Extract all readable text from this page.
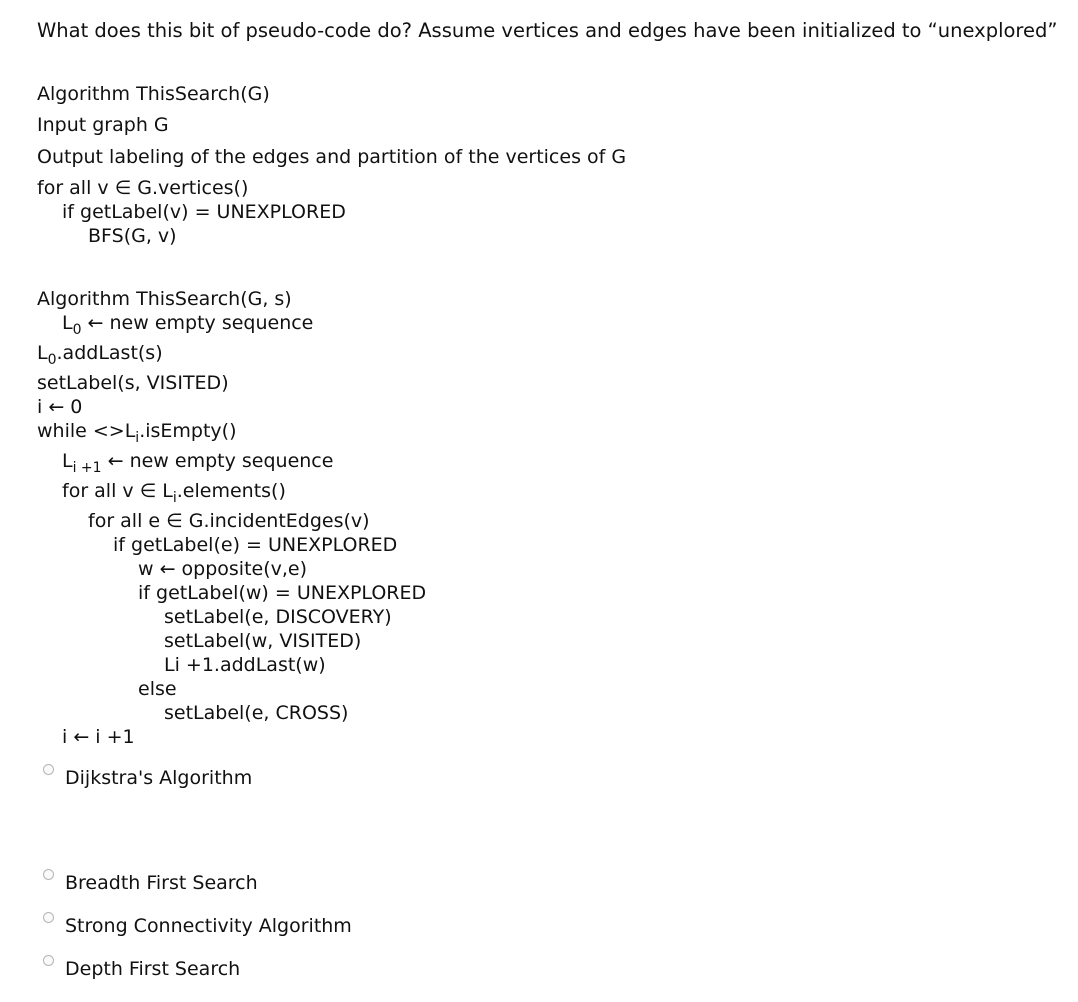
What does this bit of pseudo-code do? Assume vertices and edges have been initialized to “unexplored”
Algorithm ThisSearch(G)
Input graph G
Output labeling of the edges and partition of the vertices of G
for all v ∈ G.vertices()
if getLabel(v) = UNEXPLORED
BFS(G, v)
Algorithm ThisSearch(G, s)
$L_0$ ← new empty sequence
$L_0.addLast(s)$
setLabel(s, VISITED)
i ← 0
while $<>L_i.isEmpty()$
$L_{i +1}$ ← new empty sequence
for all v ∈ $L_i.elements()$
for all e ∈ G.incidentEdges(v)
if getLabel(e) = UNEXPLORED
w ← opposite(v,e)
if getLabel(w) = UNEXPLORED
setLabel(e, DISCOVERY)
setLabel(w, VISITED)
Li +1.addLast(w)
else
setLabel(e, CROSS)
i ← i +1
Dijkstra's Algorithm
Breadth First Search
Strong Connectivity Algorithm
Depth First Search
